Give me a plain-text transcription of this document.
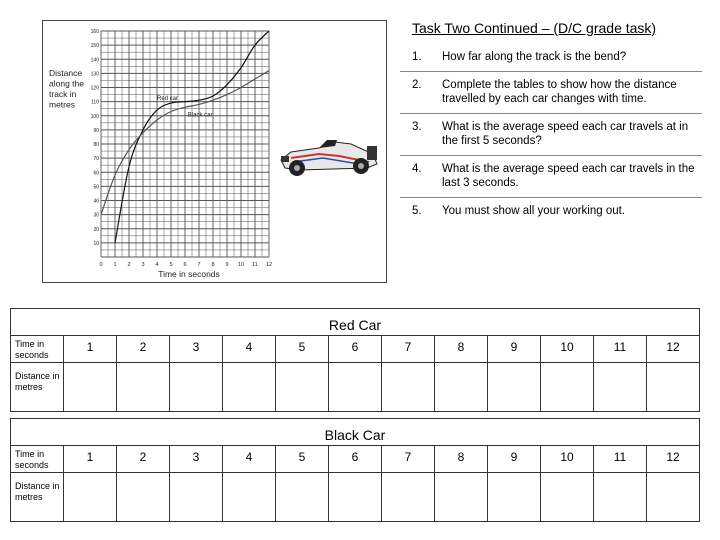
0 1 2 3 4 5 6 7 8 9 10 11 12
10
20
30
40
50
60
70
80
90
100
110
120
130
140
150
160
Time in seconds
Distance along the track in metres
Red car
Black car
Task Two Continued – (D/C grade task)
1.	How far along the track is the bend?
2.	Complete the tables to show how the distance travelled by each car changes with time.
3.	What is the average speed each car travels at in the first 5 seconds?
4.	What is the average speed each car travels in the last 3 seconds.
5.	You must show all your working out.
Red Car												
Time in seconds	1	2	3	4	5	6	7	8	9	10	11	12
Distance in metres												
Black Car												
Time in seconds	1	2	3	4	5	6	7	8	9	10	11	12
Distance in metres												
